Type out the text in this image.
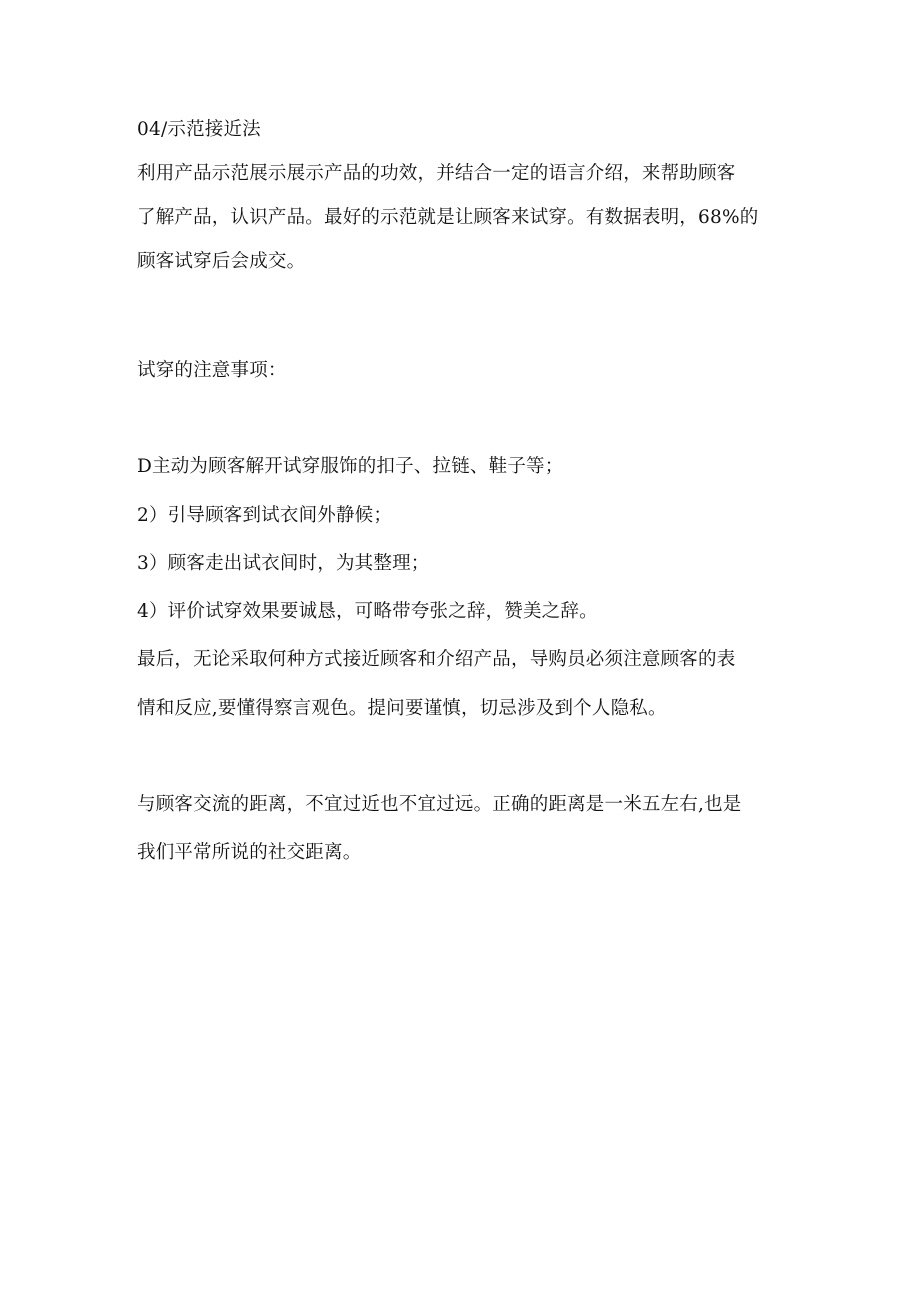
04/示范接近法
利用产品示范展示展示产品的功效，并结合一定的语言介绍，来帮助顾客
了解产品，认识产品。最好的示范就是让顾客来试穿。有数据表明，68%的
顾客试穿后会成交。
试穿的注意事项：
D主动为顾客解开试穿服饰的扣子、拉链、鞋子等；
2）引导顾客到试衣间外静候；
3）顾客走出试衣间时，为其整理；
4）评价试穿效果要诚恳，可略带夸张之辞，赞美之辞。
最后，无论采取何种方式接近顾客和介绍产品，导购员必须注意顾客的表
情和反应,要懂得察言观色。提问要谨慎，切忌涉及到个人隐私。
与顾客交流的距离，不宜过近也不宜过远。正确的距离是一米五左右,也是
我们平常所说的社交距离。
